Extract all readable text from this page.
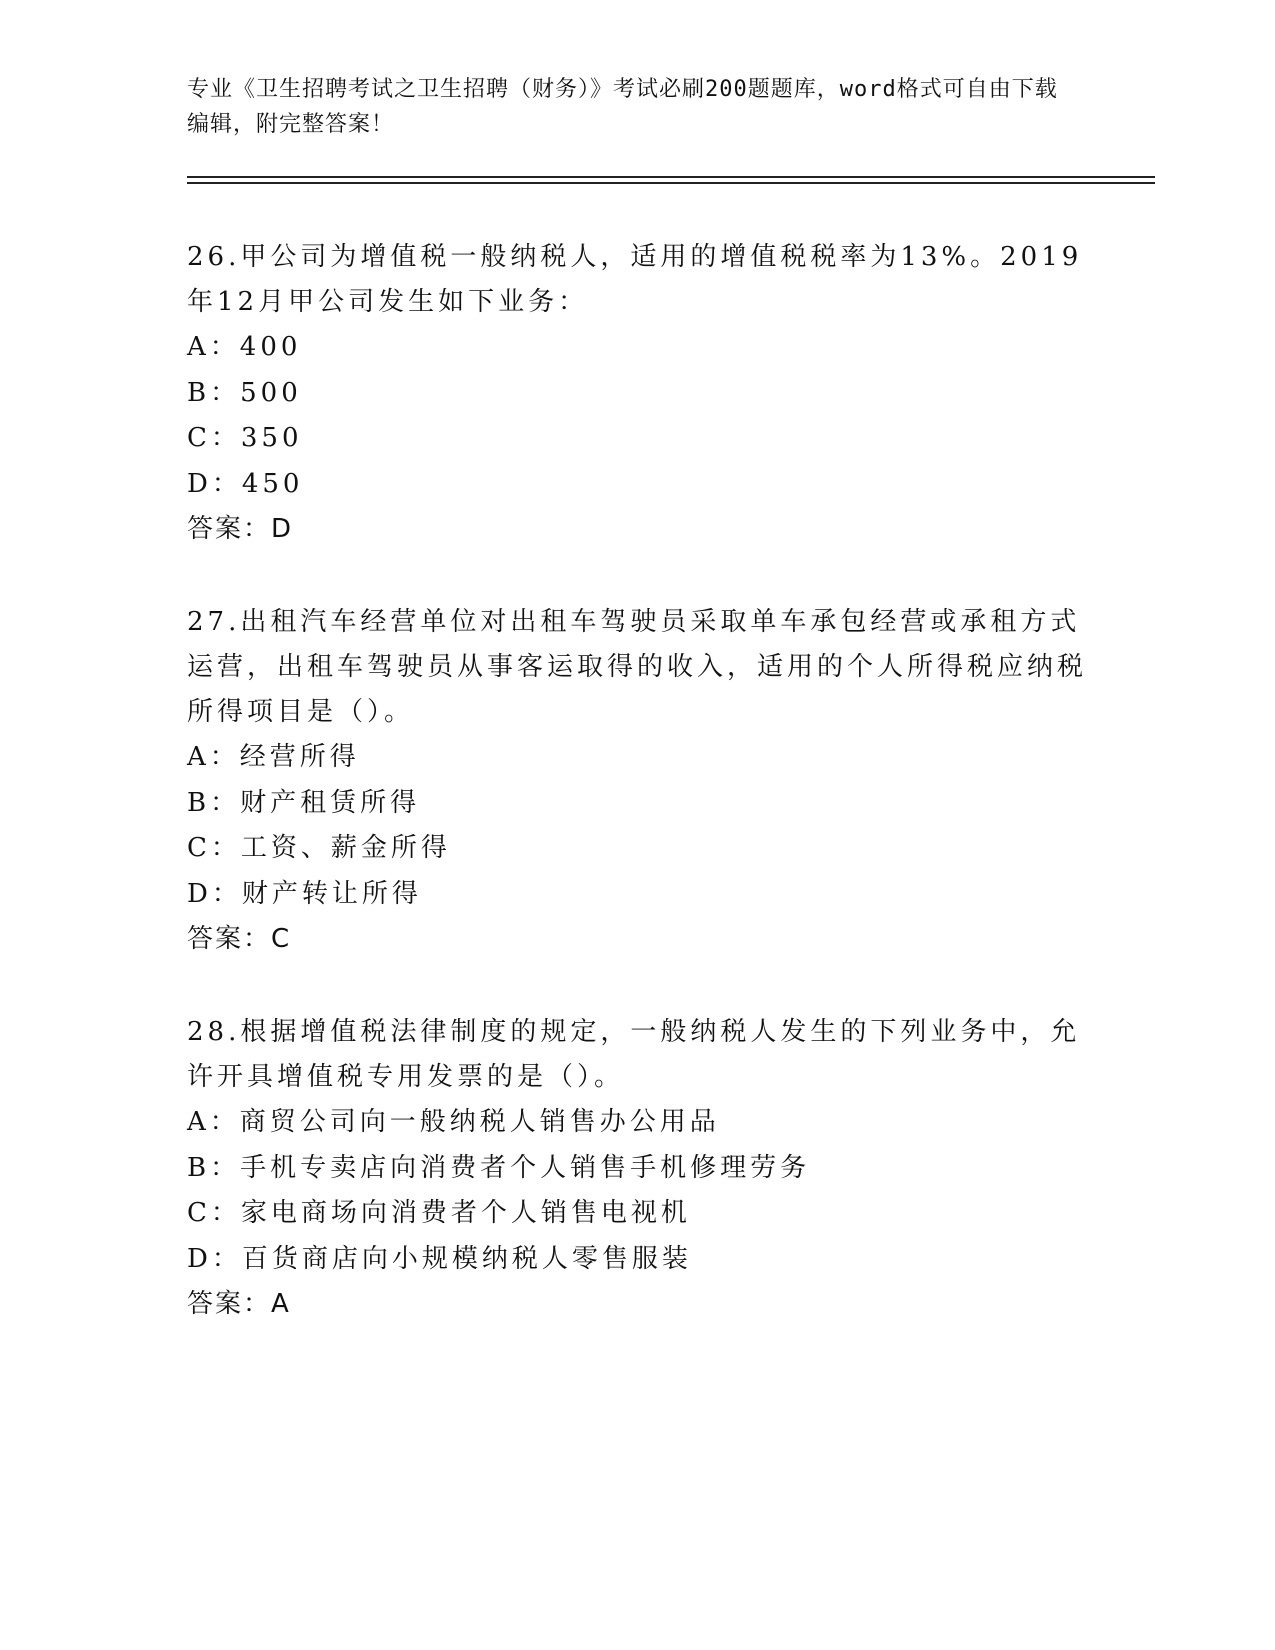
专业《卫生招聘考试之卫生招聘（财务）》考试必刷200题题库，word格式可自由下载编辑，附完整答案！

26.甲公司为增值税一般纳税人，适用的增值税税率为13%。2019年12月甲公司发生如下业务：

A：400

B：500

C：350

D：450

答案：D

27.出租汽车经营单位对出租车驾驶员采取单车承包经营或承租方式运营，出租车驾驶员从事客运取得的收入，适用的个人所得税应纳税所得项目是（）。

A：经营所得

B：财产租赁所得

C：工资、薪金所得

D：财产转让所得

答案：C

28.根据增值税法律制度的规定，一般纳税人发生的下列业务中，允许开具增值税专用发票的是（）。

A：商贸公司向一般纳税人销售办公用品

B：手机专卖店向消费者个人销售手机修理劳务

C：家电商场向消费者个人销售电视机

D：百货商店向小规模纳税人零售服装

答案：A
